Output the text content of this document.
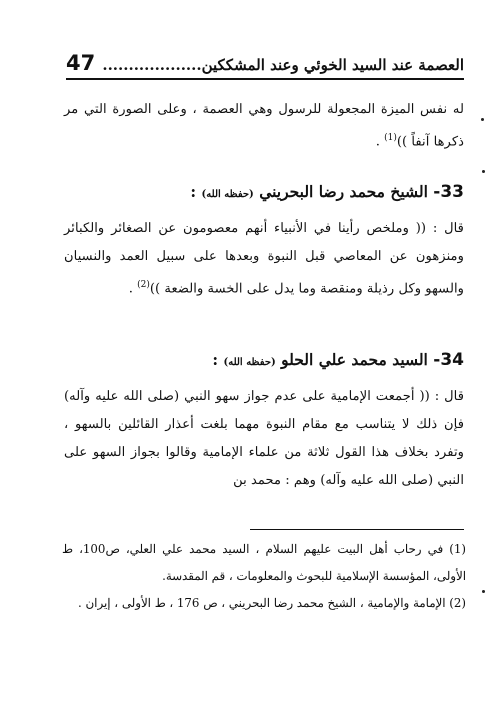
47 العصمة عند السيد الخوئي وعند المشككين...................

له نفس الميزة المجعولة للرسول وهي العصمة ، وعلى الصورة التي مر ذكرها آنفاً ))$^{(1)}$ .

33- الشيخ محمد رضا البحريني (حفظه الله) :

قال : (( وملخص رأينا في الأنبياء أنهم معصومون عن الصغائر والكبائر ومنزهون عن المعاصي قبل النبوة وبعدها على سبيل العمد والنسيان والسهو وكل رذيلة ومنقصة وما يدل على الخسة والضعة ))$^{(2)}$ .

34- السيد محمد علي الحلو (حفظه الله) :

قال : (( أجمعت الإمامية على عدم جواز سهو النبي (صلى الله عليه وآله) فإن ذلك لا يتناسب مع مقام النبوة مهما بلغت أعذار القائلين بالسهو ، وتفرد بخلاف هذا القول ثلاثة من علماء الإمامية وقالوا بجواز السهو على النبي (صلى الله عليه وآله) وهم : محمد بن

(1) في رحاب أهل البيت عليهم السلام ، السيد محمد علي العلي، ص100، ط الأولى، المؤسسة الإسلامية للبحوث والمعلومات ، قم المقدسة.

(2) الإمامة والإمامية ، الشيخ محمد رضا البحريني ، ص 176 ، ط الأولى ، إيران .
